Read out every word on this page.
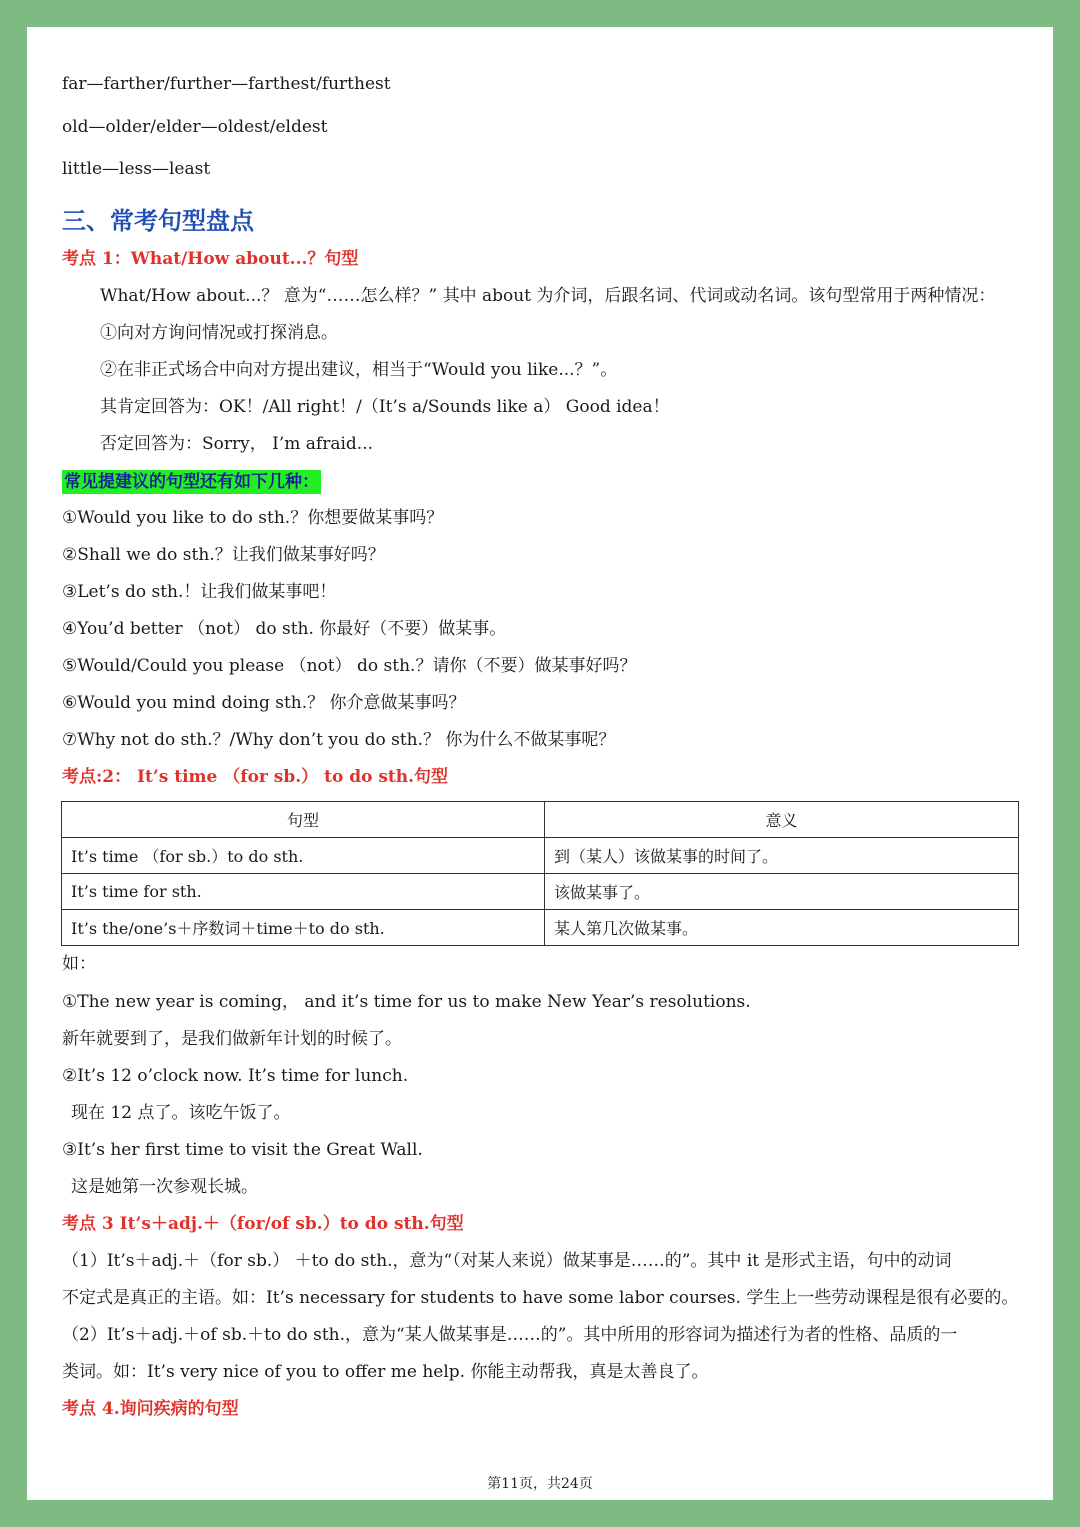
far—farther/further—farthest/furthest
old—older/elder—oldest/eldest
little—less—least
三、常考句型盘点
考点 1：What/How about...？句型
What/How about...？ 意为“……怎么样？” 其中 about 为介词，后跟名词、代词或动名词。该句型常用于两种情况：
①向对方询问情况或打探消息。
②在非正式场合中向对方提出建议，相当于“Would you like...？”。
其肯定回答为：OK！/All right！/（It’s a/Sounds like a） Good idea！
否定回答为：Sorry， I’m afraid...
常见提建议的句型还有如下几种：
①Would you like to do sth.？你想要做某事吗？
②Shall we do sth.？让我们做某事好吗？
③Let’s do sth.！让我们做某事吧！
④You’d better （not） do sth. 你最好（不要）做某事。
⑤Would/Could you please （not） do sth.？请你（不要）做某事好吗？
⑥Would you mind doing sth.？ 你介意做某事吗？
⑦Why not do sth.？/Why don’t you do sth.？ 你为什么不做某事呢？
考点:2： It’s time （for sb.） to do sth.句型
句型	意义
It’s time （for sb.）to do sth.	到（某人）该做某事的时间了。
It’s time for sth.	该做某事了。
It’s the/one’s＋序数词＋time＋to do sth.	某人第几次做某事。
如：
①The new year is coming， and it’s time for us to make New Year’s resolutions.
新年就要到了，是我们做新年计划的时候了。
②It’s 12 o’clock now. It’s time for lunch.
现在 12 点了。该吃午饭了。
③It’s her first time to visit the Great Wall.
这是她第一次参观长城。
考点 3 It’s＋adj.＋（for/of sb.）to do sth.句型
（1）It’s＋adj.＋（for sb.） ＋to do sth.，意为“（对某人来说）做某事是……的”。其中 it 是形式主语，句中的动词
不定式是真正的主语。如：It’s necessary for students to have some labor courses. 学生上一些劳动课程是很有必要的。
（2）It’s＋adj.＋of sb.＋to do sth.，意为“某人做某事是……的”。其中所用的形容词为描述行为者的性格、品质的一
类词。如：It’s very nice of you to offer me help. 你能主动帮我，真是太善良了。
考点 4.询问疾病的句型
第11页，共24页
